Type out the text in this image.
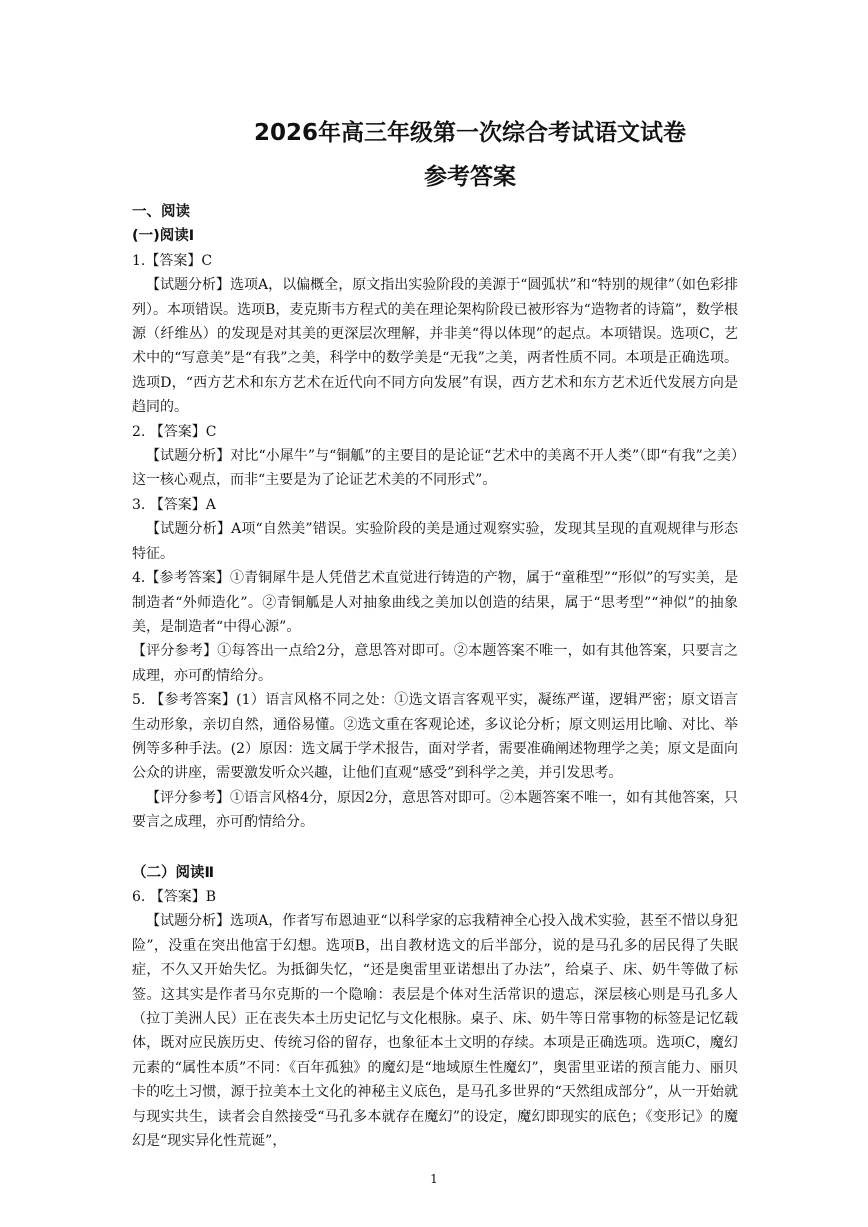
2026年高三年级第一次综合考试语文试卷
参考答案

一、阅读

(一)阅读Ⅰ

1.【答案】C

【试题分析】选项A，以偏概全，原文指出实验阶段的美源于“圆弧状”和“特别的规律”（如色彩排列）。本项错误。选项B，麦克斯韦方程式的美在理论架构阶段已被形容为“造物者的诗篇”，数学根源（纤维丛）的发现是对其美的更深层次理解，并非美“得以体现”的起点。本项错误。选项C，艺术中的“写意美”是“有我”之美，科学中的数学美是“无我”之美，两者性质不同。本项是正确选项。选项D，“西方艺术和东方艺术在近代向不同方向发展”有误，西方艺术和东方艺术近代发展方向是趋同的。

2. 【答案】C

【试题分析】对比“小犀牛”与“铜觚”的主要目的是论证“艺术中的美离不开人类”（即“有我”之美）这一核心观点，而非“主要是为了论证艺术美的不同形式”。

3. 【答案】A

【试题分析】A项“自然美”错误。实验阶段的美是通过观察实验，发现其呈现的直观规律与形态特征。

4.【参考答案】①青铜犀牛是人凭借艺术直觉进行铸造的产物，属于“童稚型”“形似”的写实美，是制造者“外师造化”。②青铜觚是人对抽象曲线之美加以创造的结果，属于“思考型”“神似”的抽象美，是制造者“中得心源”。

【评分参考】①每答出一点给2分，意思答对即可。②本题答案不唯一，如有其他答案，只要言之成理，亦可酌情给分。

5. 【参考答案】(1）语言风格不同之处：①选文语言客观平实，凝练严谨，逻辑严密；原文语言生动形象，亲切自然，通俗易懂。②选文重在客观论述，多议论分析；原文则运用比喻、对比、举例等多种手法。(2）原因：选文属于学术报告，面对学者，需要准确阐述物理学之美；原文是面向公众的讲座，需要激发听众兴趣，让他们直观“感受”到科学之美，并引发思考。

【评分参考】①语言风格4分，原因2分，意思答对即可。②本题答案不唯一，如有其他答案，只要言之成理，亦可酌情给分。

（二）阅读Ⅱ

6. 【答案】B

【试题分析】选项A，作者写布恩迪亚“以科学家的忘我精神全心投入战术实验，甚至不惜以身犯险”，没重在突出他富于幻想。选项B，出自教材选文的后半部分，说的是马孔多的居民得了失眠症，不久又开始失忆。为抵御失忆，“还是奥雷里亚诺想出了办法”，给桌子、床、奶牛等做了标签。这其实是作者马尔克斯的一个隐喻：表层是个体对生活常识的遗忘，深层核心则是马孔多人（拉丁美洲人民）正在丧失本土历史记忆与文化根脉。桌子、床、奶牛等日常事物的标签是记忆载体，既对应民族历史、传统习俗的留存，也象征本土文明的存续。本项是正确选项。选项C，魔幻元素的“属性本质”不同：《百年孤独》的魔幻是“地域原生性魔幻”，奥雷里亚诺的预言能力、丽贝卡的吃土习惯，源于拉美本土文化的神秘主义底色，是马孔多世界的“天然组成部分”，从一开始就与现实共生，读者会自然接受“马孔多本就存在魔幻”的设定，魔幻即现实的底色；《变形记》的魔幻是“现实异化性荒诞”，

1
